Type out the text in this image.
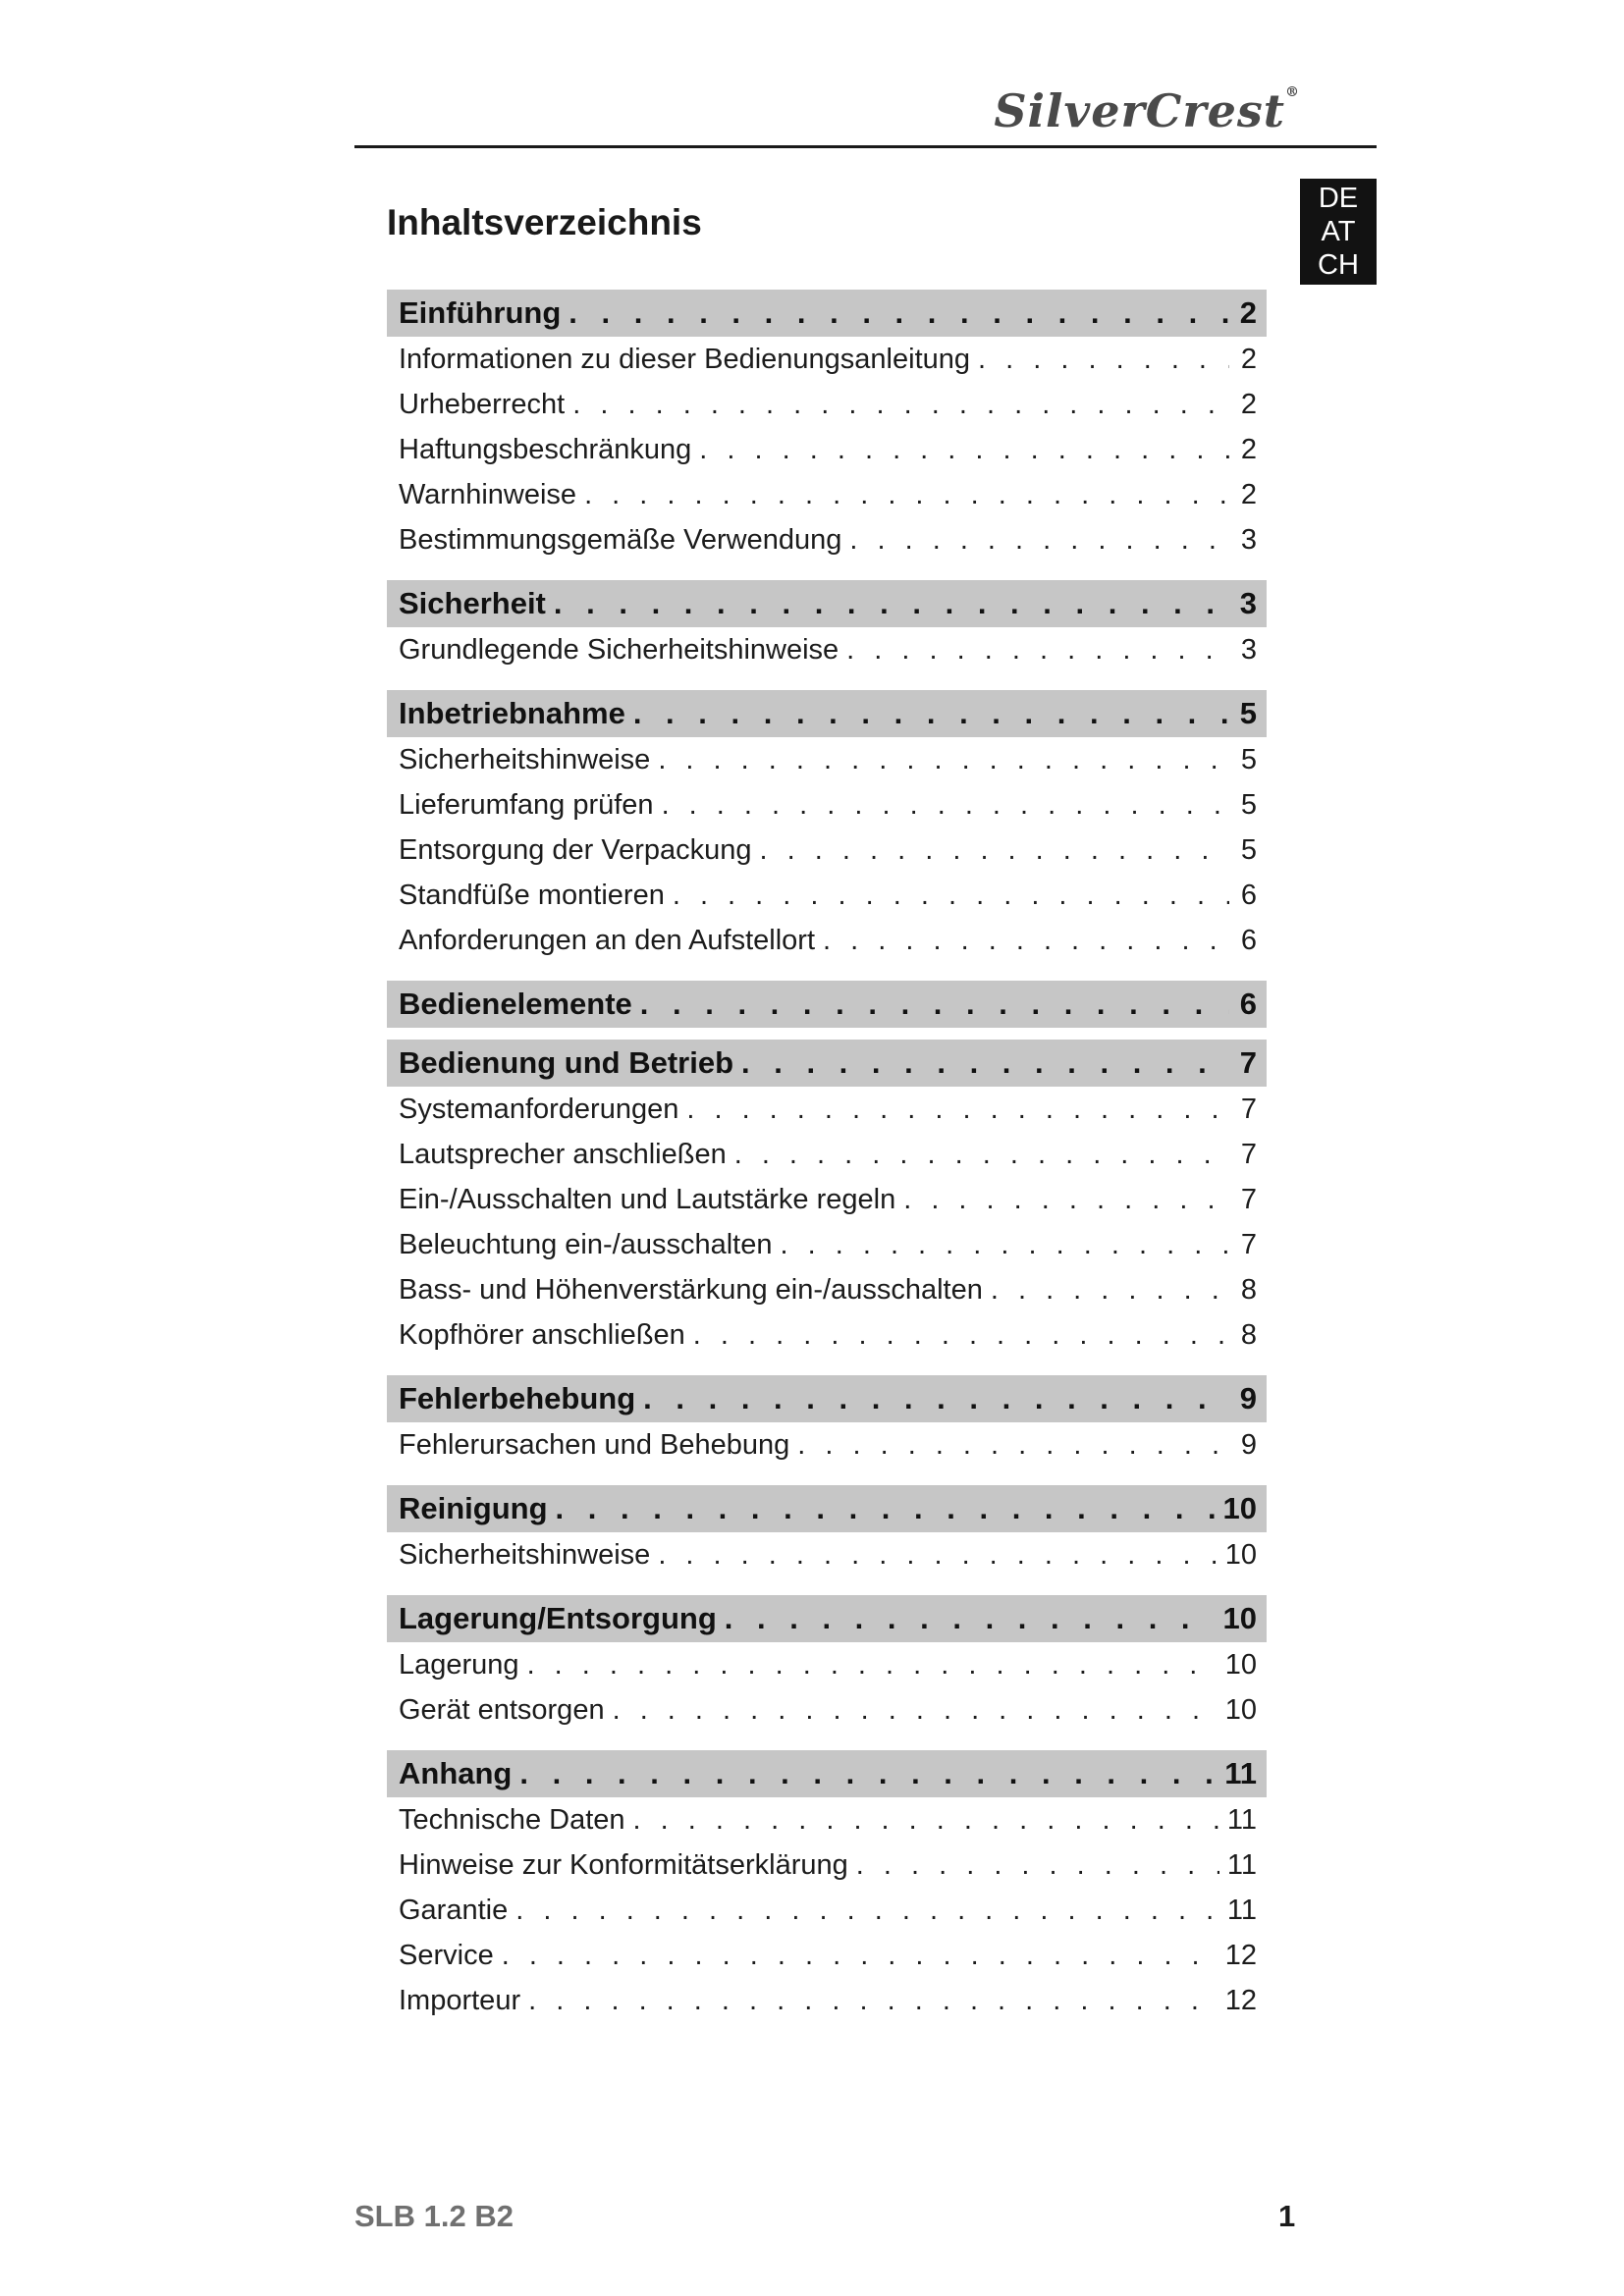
SilverCrest®
DE
AT
CH
Inhaltsverzeichnis
Einführung . . .	2
Informationen zu dieser Bedienungsanleitung . . .	2
Urheberrecht . . .	2
Haftungsbeschränkung . . .	2
Warnhinweise . . .	2
Bestimmungsgemäße Verwendung . . .	3
Sicherheit . . .	3
Grundlegende Sicherheitshinweise . . .	3
Inbetriebnahme . . .	5
Sicherheitshinweise . . .	5
Lieferumfang prüfen . . .	5
Entsorgung der Verpackung . . .	5
Standfüße montieren . . .	6
Anforderungen an den Aufstellort . . .	6
Bedienelemente . . .	6
Bedienung und Betrieb . . .	7
Systemanforderungen . . .	7
Lautsprecher anschließen . . .	7
Ein-/Ausschalten und Lautstärke regeln . . .	7
Beleuchtung ein-/ausschalten . . .	7
Bass- und Höhenverstärkung ein-/ausschalten . . .	8
Kopfhörer anschließen . . .	8
Fehlerbehebung . . .	9
Fehlerursachen und Behebung . . .	9
Reinigung . . .	10
Sicherheitshinweise . . .	10
Lagerung/Entsorgung . . .	10
Lagerung . . .	10
Gerät entsorgen . . .	10
Anhang . . .	11
Technische Daten . . .	11
Hinweise zur Konformitätserklärung . . .	11
Garantie . . .	11
Service . . .	12
Importeur . . .	12
SLB 1.2 B2	1
